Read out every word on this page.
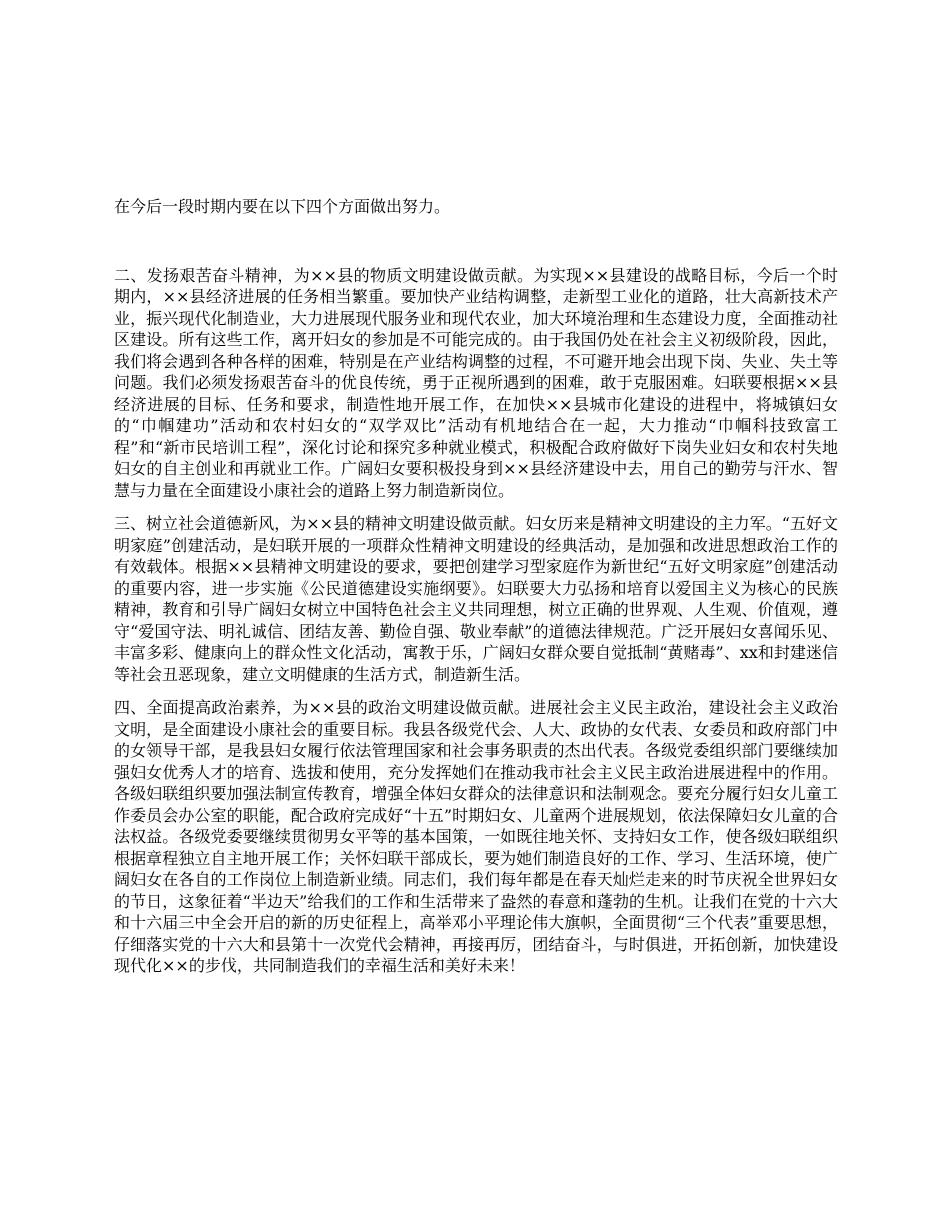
在今后一段时期内要在以下四个方面做出努力。

二、发扬艰苦奋斗精神，为××县的物质文明建设做贡献。为实现××县建设的战略目标，今后一个时期内，××县经济进展的任务相当繁重。要加快产业结构调整，走新型工业化的道路，壮大高新技术产业，振兴现代化制造业，大力进展现代服务业和现代农业，加大环境治理和生态建设力度，全面推动社区建设。所有这些工作，离开妇女的参加是不可能完成的。由于我国仍处在社会主义初级阶段，因此，我们将会遇到各种各样的困难，特别是在产业结构调整的过程，不可避开地会出现下岗、失业、失土等问题。我们必须发扬艰苦奋斗的优良传统，勇于正视所遇到的困难，敢于克服困难。妇联要根据××县经济进展的目标、任务和要求，制造性地开展工作，在加快××县城市化建设的进程中，将城镇妇女的“巾帼建功”活动和农村妇女的“双学双比”活动有机地结合在一起，大力推动“巾帼科技致富工程”和“新市民培训工程”，深化讨论和探究多种就业模式，积极配合政府做好下岗失业妇女和农村失地妇女的自主创业和再就业工作。广阔妇女要积极投身到××县经济建设中去，用自己的勤劳与汗水、智慧与力量在全面建设小康社会的道路上努力制造新岗位。

三、树立社会道德新风，为××县的精神文明建设做贡献。妇女历来是精神文明建设的主力军。“五好文明家庭”创建活动，是妇联开展的一项群众性精神文明建设的经典活动，是加强和改进思想政治工作的有效载体。根据××县精神文明建设的要求，要把创建学习型家庭作为新世纪“五好文明家庭”创建活动的重要内容，进一步实施《公民道德建设实施纲要》。妇联要大力弘扬和培育以爱国主义为核心的民族精神，教育和引导广阔妇女树立中国特色社会主义共同理想，树立正确的世界观、人生观、价值观，遵守“爱国守法、明礼诚信、团结友善、勤俭自强、敬业奉献”的道德法律规范。广泛开展妇女喜闻乐见、丰富多彩、健康向上的群众性文化活动，寓教于乐，广阔妇女群众要自觉抵制“黄赌毒”、xx和封建迷信等社会丑恶现象，建立文明健康的生活方式，制造新生活。

四、全面提高政治素养，为××县的政治文明建设做贡献。进展社会主义民主政治，建设社会主义政治文明，是全面建设小康社会的重要目标。我县各级党代会、人大、政协的女代表、女委员和政府部门中的女领导干部，是我县妇女履行依法管理国家和社会事务职责的杰出代表。各级党委组织部门要继续加强妇女优秀人才的培育、选拔和使用，充分发挥她们在推动我市社会主义民主政治进展进程中的作用。各级妇联组织要加强法制宣传教育，增强全体妇女群众的法律意识和法制观念。要充分履行妇女儿童工作委员会办公室的职能，配合政府完成好“十五”时期妇女、儿童两个进展规划，依法保障妇女儿童的合法权益。各级党委要继续贯彻男女平等的基本国策，一如既往地关怀、支持妇女工作，使各级妇联组织根据章程独立自主地开展工作；关怀妇联干部成长，要为她们制造良好的工作、学习、生活环境，使广阔妇女在各自的工作岗位上制造新业绩。同志们，我们每年都是在春天灿烂走来的时节庆祝全世界妇女的节日，这象征着“半边天”给我们的工作和生活带来了盎然的春意和蓬勃的生机。让我们在党的十六大和十六届三中全会开启的新的历史征程上，高举邓小平理论伟大旗帜，全面贯彻“三个代表”重要思想，仔细落实党的十六大和县第十一次党代会精神，再接再厉，团结奋斗，与时俱进，开拓创新，加快建设现代化××的步伐，共同制造我们的幸福生活和美好未来！
